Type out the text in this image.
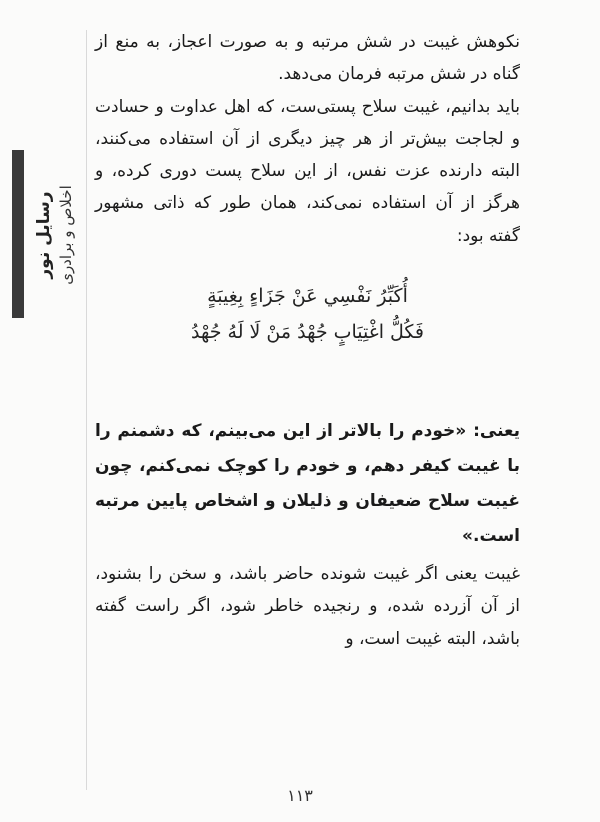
رسایل نور اخلاص و برادری

نکوهش غیبت در شش مرتبه و به صورت اعجاز، به منع از گناه در شش مرتبه فرمان می‌دهد.

باید بدانیم، غیبت سلاح پستی‌ست، که اهل عداوت و حسادت و لجاجت بیش‌تر از هر چیز دیگری از آن استفاده می‌کنند، البته دارنده عزت نفس، از این سلاح پست دوری کرده، و هرگز از آن استفاده نمی‌کند، همان طور که ذاتی مشهور گفته بود:

أُكَبِّرُ نَفْسِي عَنْ جَزَاءٍ بِغِيبَةٍ
فَكُلُّ اغْتِيَابٍ جُهْدُ مَنْ لَا لَهُ جُهْدُ

یعنی: «خودم را بالاتر از این می‌بینم، که دشمنم را با غیبت کیفر دهم، و خودم را کوچک نمی‌کنم، چون غیبت سلاح ضعیفان و ذلیلان و اشخاص پایین مرتبه است.»

غیبت یعنی اگر غیبت شونده حاضر باشد، و سخن را بشنود، از آن آزرده شده، و رنجیده خاطر شود، اگر راست گفته باشد، البته غیبت است، و

۱۱۳
